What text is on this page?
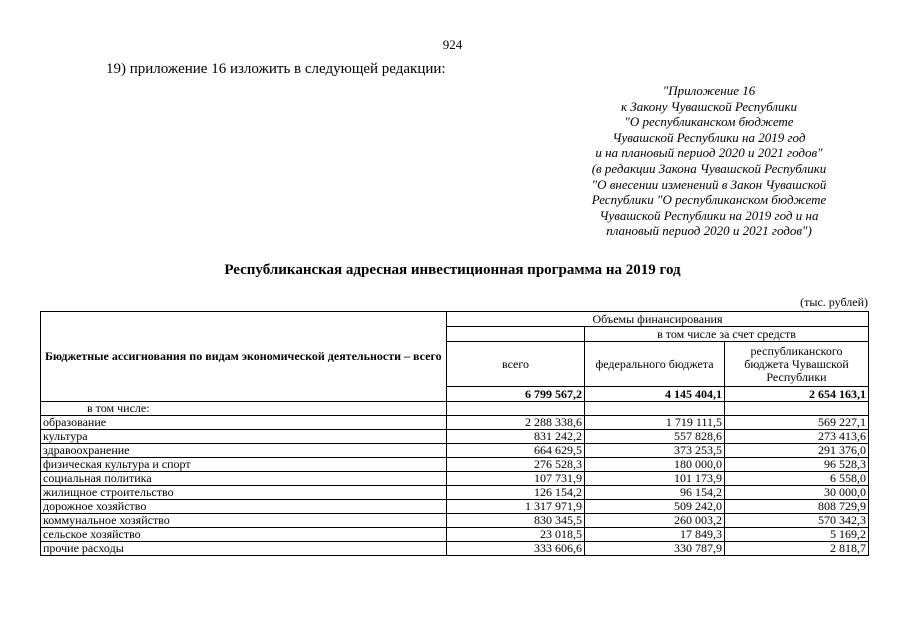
924
19) приложение 16 изложить в следующей редакции:
"Приложение 16
к Закону Чувашской Республики
"О республиканском бюджете
Чувашской Республики на 2019 год
и на плановый период 2020 и 2021 годов"
(в редакции Закона Чувашской Республики
"О внесении изменений в Закон Чувашской
Республики "О республиканском бюджете
Чувашской Республики на 2019 год и на
плановый период 2020 и 2021 годов")
Республиканская адресная инвестиционная программа на 2019 год
(тыс. рублей)
Бюджетные ассигнования по видам экономической деятельности – всего	Объемы финансирования		
		в том числе за счет средств	
	всего	федерального бюджета	республиканского бюджета Чувашской Республики
	6 799 567,2	4 145 404,1	2 654 163,1
в том числе:			
образование	2 288 338,6	1 719 111,5	569 227,1
культура	831 242,2	557 828,6	273 413,6
здравоохранение	664 629,5	373 253,5	291 376,0
физическая культура и спорт	276 528,3	180 000,0	96 528,3
социальная политика	107 731,9	101 173,9	6 558,0
жилищное строительство	126 154,2	96 154,2	30 000,0
дорожное хозяйство	1 317 971,9	509 242,0	808 729,9
коммунальное хозяйство	830 345,5	260 003,2	570 342,3
сельское хозяйство	23 018,5	17 849,3	5 169,2
прочие расходы	333 606,6	330 787,9	2 818,7
